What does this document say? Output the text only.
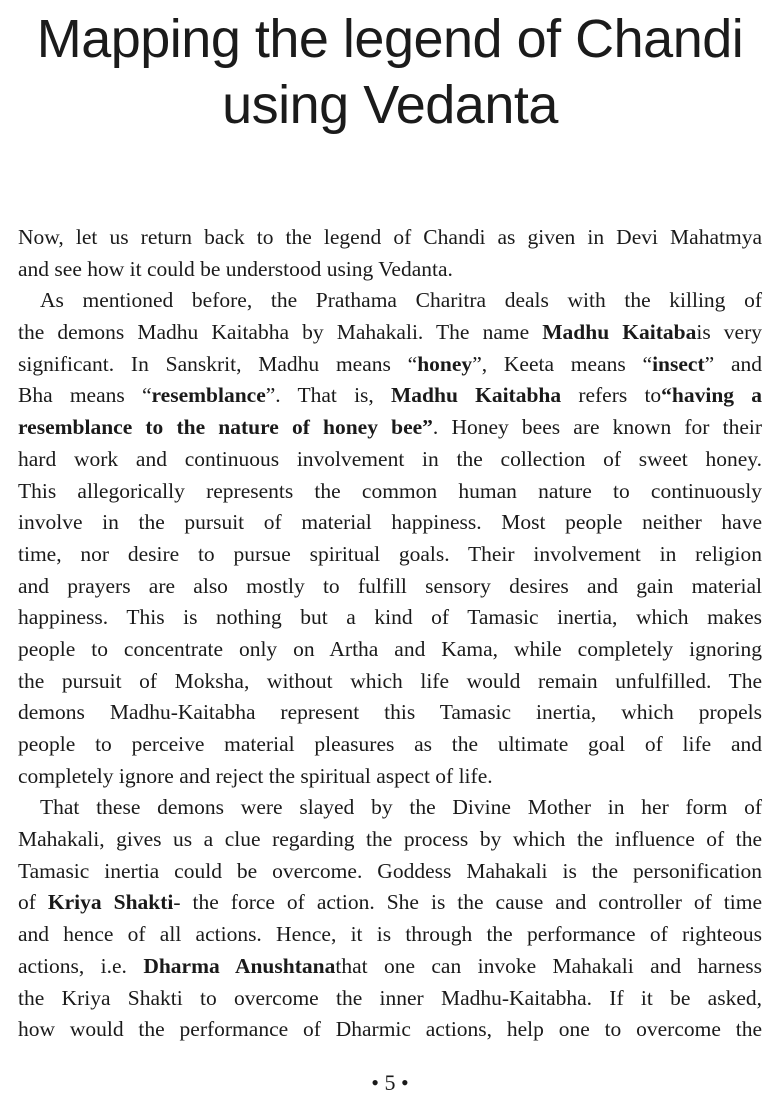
Mapping the legend of Chandi
using Vedanta
Now, let us return back to the legend of Chandi as given in Devi Mahatmya
and see how it could be understood using Vedanta.
As mentioned before, the Prathama Charitra deals with the killing of
the demons Madhu Kaitabha by Mahakali. The name Madhu Kaitabais very
significant. In Sanskrit, Madhu means “honey”, Keeta means “insect” and
Bha means “resemblance”. That is, Madhu Kaitabha refers to“having a
resemblance to the nature of honey bee”. Honey bees are known for their
hard work and continuous involvement in the collection of sweet honey.
This allegorically represents the common human nature to continuously
involve in the pursuit of material happiness. Most people neither have
time, nor desire to pursue spiritual goals. Their involvement in religion
and prayers are also mostly to fulfill sensory desires and gain material
happiness. This is nothing but a kind of Tamasic inertia, which makes
people to concentrate only on Artha and Kama, while completely ignoring
the pursuit of Moksha, without which life would remain unfulfilled. The
demons Madhu-Kaitabha represent this Tamasic inertia, which propels
people to perceive material pleasures as the ultimate goal of life and
completely ignore and reject the spiritual aspect of life.
That these demons were slayed by the Divine Mother in her form of
Mahakali, gives us a clue regarding the process by which the influence of the
Tamasic inertia could be overcome. Goddess Mahakali is the personification
of Kriya Shakti- the force of action. She is the cause and controller of time
and hence of all actions. Hence, it is through the performance of righteous
actions, i.e. Dharma Anushtanathat one can invoke Mahakali and harness
the Kriya Shakti to overcome the inner Madhu-Kaitabha. If it be asked,
how would the performance of Dharmic actions, help one to overcome the
• 5 •
